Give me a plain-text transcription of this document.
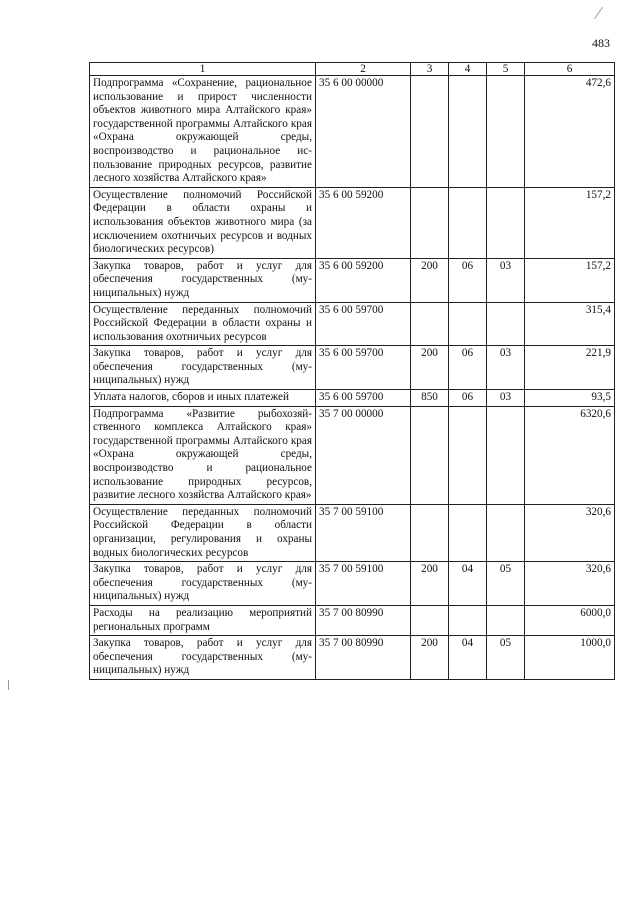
483
1	2	3	4	5	6
Подпрограмма «Сохранение, рациональное использование и прирост численности объектов животного мира Алтайского края» государственной программы Алтайского края «Охрана окружающей среды, воспроизводство и рациональное использование природных ресурсов, развитие лесного хозяйства Алтайского края»	35 6 00 00000				472,6
Осуществление полномочий Российской Федерации в области охраны и использования объектов животного мира (за исключением охотничьих ресурсов и водных биологических ресурсов)	35 6 00 59200				157,2
Закупка товаров, работ и услуг для обеспечения государственных (муниципальных) нужд	35 6 00 59200	200	06	03	157,2
Осуществление переданных полномочий Российской Федерации в области охраны и использования охотничьих ресурсов	35 6 00 59700				315,4
Закупка товаров, работ и услуг для обеспечения государственных (муниципальных) нужд	35 6 00 59700	200	06	03	221,9
Уплата налогов, сборов и иных платежей	35 6 00 59700	850	06	03	93,5
Подпрограмма «Развитие рыбохозяйственного комплекса Алтайского края» государственной программы Алтайского края «Охрана окружающей среды, воспроизводство и рациональное использование природных ресурсов, развитие лесного хозяйства Алтайского края»	35 7 00 00000				6320,6
Осуществление переданных полномочий Российской Федерации в области организации, регулирования и охраны водных биологических ресурсов	35 7 00 59100				320,6
Закупка товаров, работ и услуг для обеспечения государственных (муниципальных) нужд	35 7 00 59100	200	04	05	320,6
Расходы на реализацию мероприятий региональных программ	35 7 00 80990				6000,0
Закупка товаров, работ и услуг для обеспечения государственных (муниципальных) нужд	35 7 00 80990	200	04	05	1000,0
